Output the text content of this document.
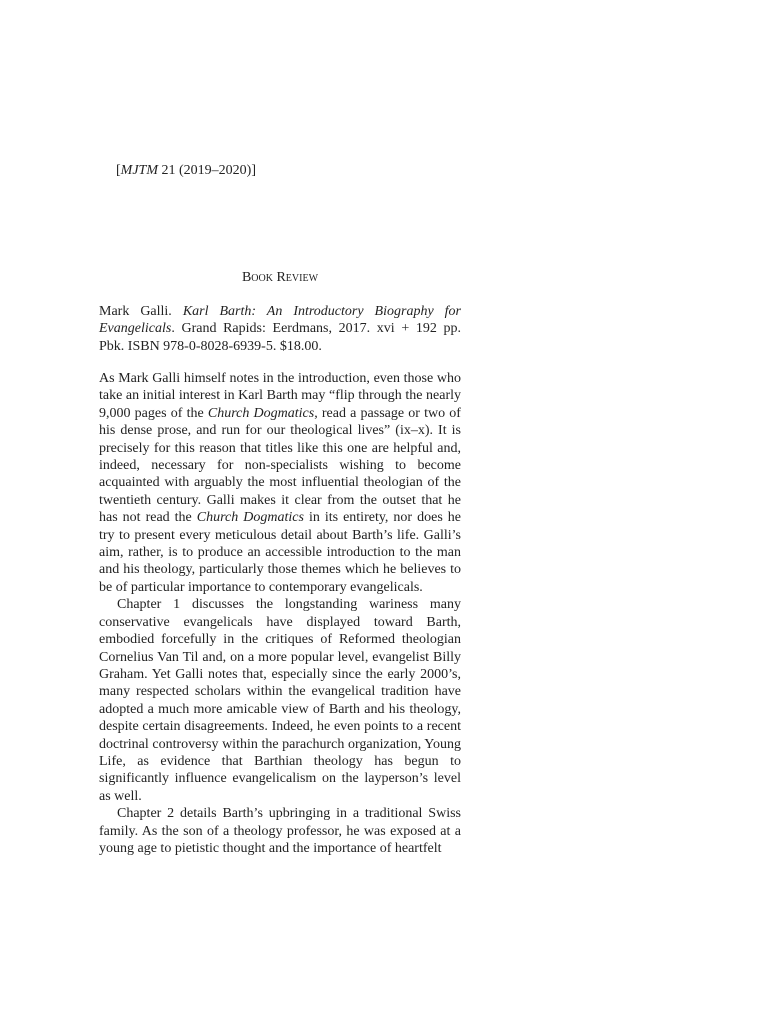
[MJTM 21 (2019–2020)]

Book Review

Mark Galli. Karl Barth: An Introductory Biography for Evangelicals. Grand Rapids: Eerdmans, 2017. xvi + 192 pp. Pbk. ISBN 978-0-8028-6939-5. $18.00.

As Mark Galli himself notes in the introduction, even those who take an initial interest in Karl Barth may “flip through the nearly 9,000 pages of the Church Dogmatics, read a passage or two of his dense prose, and run for our theological lives” (ix–x). It is precisely for this reason that titles like this one are helpful and, indeed, necessary for non-specialists wishing to become acquainted with arguably the most influential theologian of the twentieth century. Galli makes it clear from the outset that he has not read the Church Dogmatics in its entirety, nor does he try to present every meticulous detail about Barth’s life. Galli’s aim, rather, is to produce an accessible introduction to the man and his theology, particularly those themes which he believes to be of particular importance to contemporary evangelicals.

Chapter 1 discusses the longstanding wariness many conservative evangelicals have displayed toward Barth, embodied forcefully in the critiques of Reformed theologian Cornelius Van Til and, on a more popular level, evangelist Billy Graham. Yet Galli notes that, especially since the early 2000’s, many respected scholars within the evangelical tradition have adopted a much more amicable view of Barth and his theology, despite certain disagreements. Indeed, he even points to a recent doctrinal controversy within the parachurch organization, Young Life, as evidence that Barthian theology has begun to significantly influence evangelicalism on the layperson’s level as well.

Chapter 2 details Barth’s upbringing in a traditional Swiss family. As the son of a theology professor, he was exposed at a young age to pietistic thought and the importance of heartfelt
